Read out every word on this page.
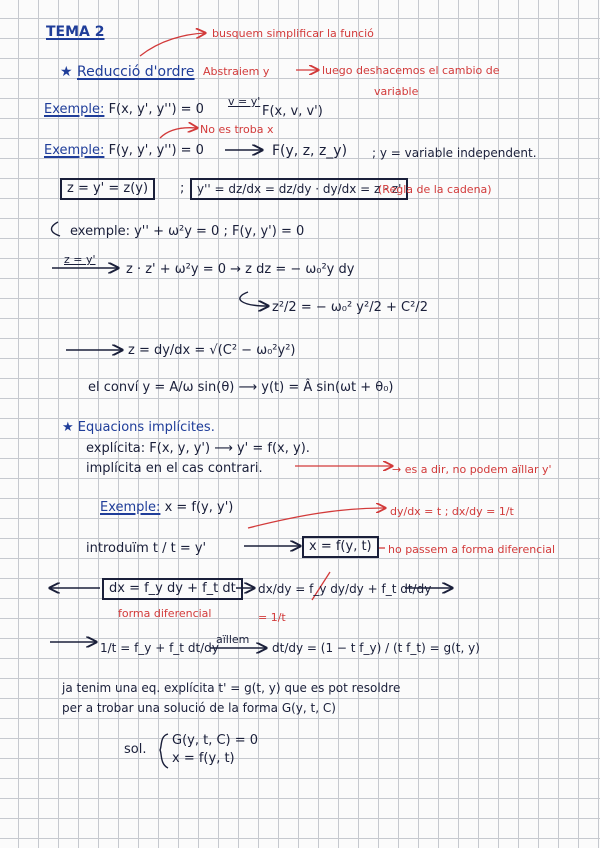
TEMA 2	busquem simplificar la funció
★ Reducció d'ordre Abstraiem y	luego deshacemos el cambio de
variable
Exemple: F(x, y', y'') = 0
v = y'
F(x, v, v')
No es troba x
Exemple: F(y, y', y'') = 0	F(y, z, z_y) ; y = variable independent.
z = y' = z(y)	;	y'' = dz/dx = dz/dy · dy/dx = z · z'
(Regla de la cadena)
exemple: y'' + ω²y = 0 ; F(y, y') = 0
z = y'
z · z' + ω²y = 0 → z dz = − ω₀²y dy
z²/2 = − ω₀² y²/2 + C²/2
z = dy/dx = √(C² − ω₀²y²)
el conví y = A/ω sin(θ) ⟶ y(t) = Â sin(ωt + θ₀)
★ Equacions implícites.
explícita: F(x, y, y') ⟶ y' = f(x, y).
implícita en el cas contrari.	→ es a dir, no podem aïllar y'
Exemple: x = f(y, y')	dy/dx = t ; dx/dy = 1/t
introduïm t / t = y'	x = f(y, t)	ho passem a forma diferencial
dx = f_y dy + f_t dt	dx/dy = f_y dy/dy + f_t dt/dy
forma diferencial	= 1/t
1/t = f_y + f_t dt/dy
aïllem
dt/dy = (1 − t f_y) / (t f_t) = g(t, y)
ja tenim una eq. explícita t' = g(t, y) que es pot resoldre
per a trobar una solució de la forma G(y, t, C)
sol.
G(y, t, C) = 0
x = f(y, t)
